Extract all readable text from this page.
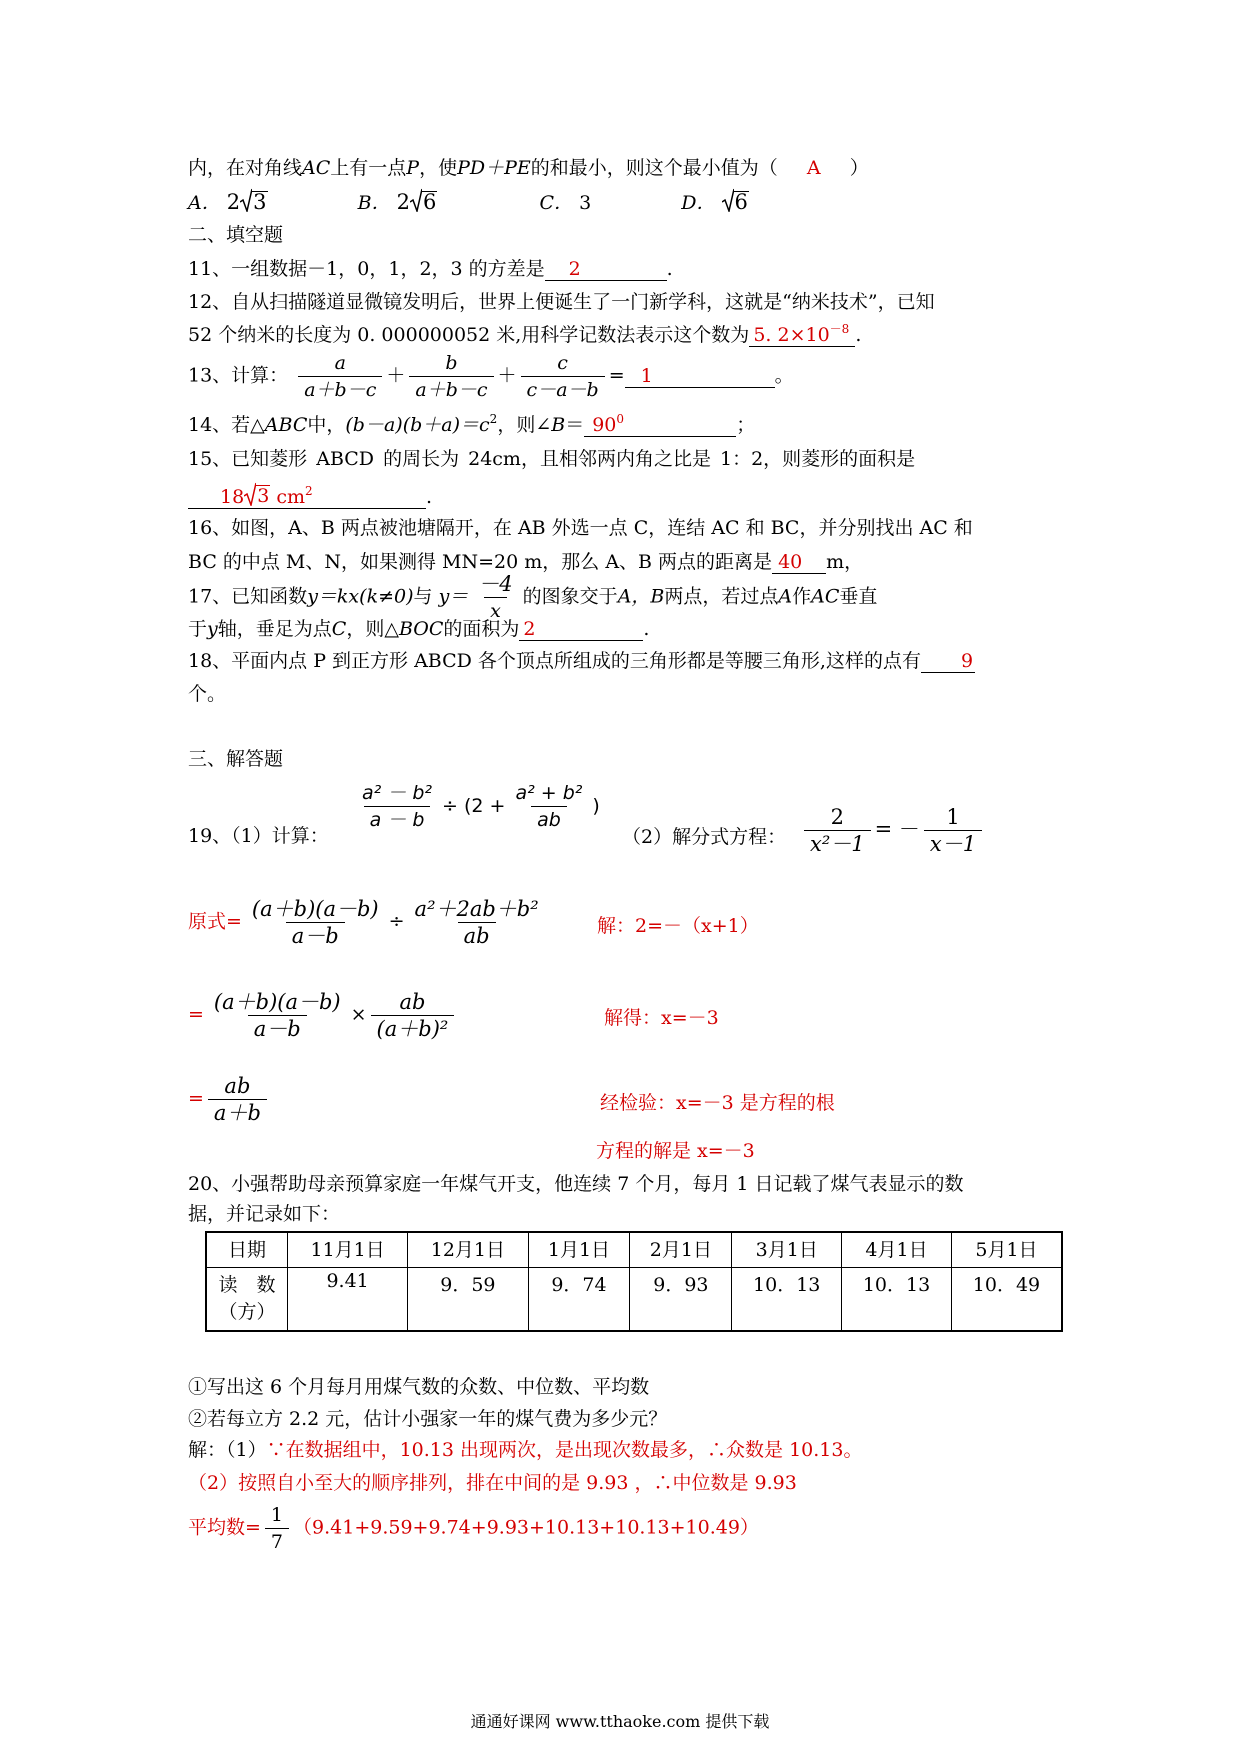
内，在对角线AC上有一点P，使PD＋PE的和最小，则这个最小值为（ A ）
A． 2 3	B． 2 6	C． 3	D． 6
二、填空题
11、一组数据－1，0，1，2，3 的方差是 2	.
12、自从扫描隧道显微镜发明后，世界上便诞生了一门新学科，这就是“纳米技术”，已知
52 个纳米的长度为 0. 000000052 米,用科学记数法表示这个数为 5. $2\times 10^{-8}$ .
13、计算： $\frac{a}{a+b-c} + \frac{b}{a+b-c} + \frac{c}{c-a-b} = 1$	。
14、若△ABC中，$(b-a)(b+a)=c^2$，则∠B＝ $90^0$	；
15、已知菱形 ABCD 的周长为 24cm，且相邻两内角之比是 1：2，则菱形的面积是
18 3 $cm^2$	.
16、如图，A、B 两点被池塘隔开，在 AB 外选一点 C，连结 AC 和 BC，并分别找出 AC 和
BC 的中点 M、N，如果测得 MN=20 m，那么 A、B 两点的距离是 40 m，
17、已知函数y＝kx(k≠0)与 $y= \frac{-4}{x}$ 的图象交于A，B两点，若过点A作AC垂直
于y轴，垂足为点C，则△BOC的面积为 2	.
18、平面内点 P 到正方形 ABCD 各个顶点所组成的三角形都是等腰三角形,这样的点有 9
个。
三、解答题
19、（1）计算：
$\frac{\text{a² － b²}}{a - b} \div (2 + \frac{\text{a² + b²}}{ab}$ )
（2）解分式方程： $\frac{2}{\text{x²－1}}$ = － $\frac{1}{x-1}$
原式= $\frac{(a+b)(a-b)}{a-b} \div \frac{\text{a²＋2ab＋b²}}{ab}$
= $\frac{(a+b)(a-b)}{a-b} \times \frac{ab}{\text{(a＋b)²}}$
= $\frac{ab}{a+b}$
解：2=－（x+1）
解得：x=－3
经检验：x=－3 是方程的根
方程的解是 x=－3
20、小强帮助母亲预算家庭一年煤气开支，他连续 7 个月，每月 1 日记载了煤气表显示的数
据，并记录如下：
日期	11月1日	12月1日	1月1日	2月1日	3月1日	4月1日	5月1日

读　数
（方）	9.41	9．59	9．74	9．93	10．13	10．13	10．49
①写出这 6 个月每月用煤气数的众数、中位数、平均数
②若每立方 2.2 元，估计小强家一年的煤气费为多少元？
解：（1）∵在数据组中，10.13 出现两次，是出现次数最多，∴众数是 10.13。
（2）按照自小至大的顺序排列，排在中间的是 9.93 ，∴中位数是 9.93
平均数= $\frac{1}{7} (9.41+9.59+9.74+9.93+10.13+10.13+10.49)$
通通好课网 www.tthaoke.com 提供下载
